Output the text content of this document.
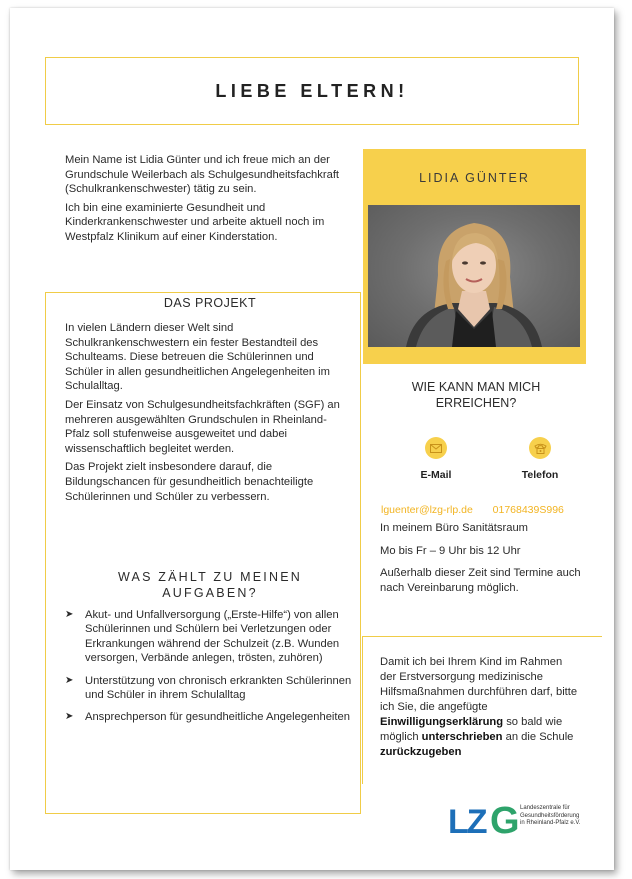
LIEBE ELTERN!

Mein Name ist Lidia Günter und ich freue mich an der Grundschule Weilerbach als Schulgesundheitsfachkraft (Schulkrankenschwester) tätig zu sein.

Ich bin eine examinierte Gesundheit und Kinderkrankenschwester und arbeite aktuell noch im Westpfalz Klinikum auf einer Kinderstation.

DAS PROJEKT

In vielen Ländern dieser Welt sind Schulkrankenschwestern ein fester Bestandteil des Schulteams. Diese betreuen die Schülerinnen und Schüler in allen gesundheitlichen Angelegenheiten im Schulalltag.

Der Einsatz von Schulgesundheitsfachkräften (SGF) an mehreren ausgewählten Grundschulen in Rheinland-Pfalz soll stufenweise ausgeweitet und dabei wissenschaftlich begleitet werden.

Das Projekt zielt insbesondere darauf, die Bildungschancen für gesundheitlich benachteiligte Schülerinnen und Schüler zu verbessern.

WAS ZÄHLT ZU MEINEN
AUFGABEN?
➤ Akut- und Unfallversorgung („Erste-Hilfe“) von allen Schülerinnen und Schülern bei Verletzungen oder Erkrankungen während der Schulzeit (z.B. Wunden versorgen, Verbände anlegen, trösten, zuhören)
➤ Unterstützung von chronisch erkrankten Schülerinnen und Schüler in ihrem Schulalltag
➤ Ansprechperson für gesundheitliche Angelegenheiten
LIDIA GÜNTER
WIE KANN MAN MICH
ERREICHEN?
E-Mail	Telefon
lguenter@lzg-rlp.de 01768439S996

In meinem Büro Sanitätsraum

Mo bis Fr – 9 Uhr bis 12 Uhr

Außerhalb dieser Zeit sind Termine auch nach Vereinbarung möglich.

Damit ich bei Ihrem Kind im Rahmen der Erstversorgung medizinische Hilfsmaßnahmen durchführen darf, bitte ich Sie, die angefügte Einwilligungserklärung so bald wie möglich unterschrieben an die Schule zurückzugeben

LZ G Landeszentrale für
Gesundheitsförderung
in Rheinland-Pfalz e.V.
